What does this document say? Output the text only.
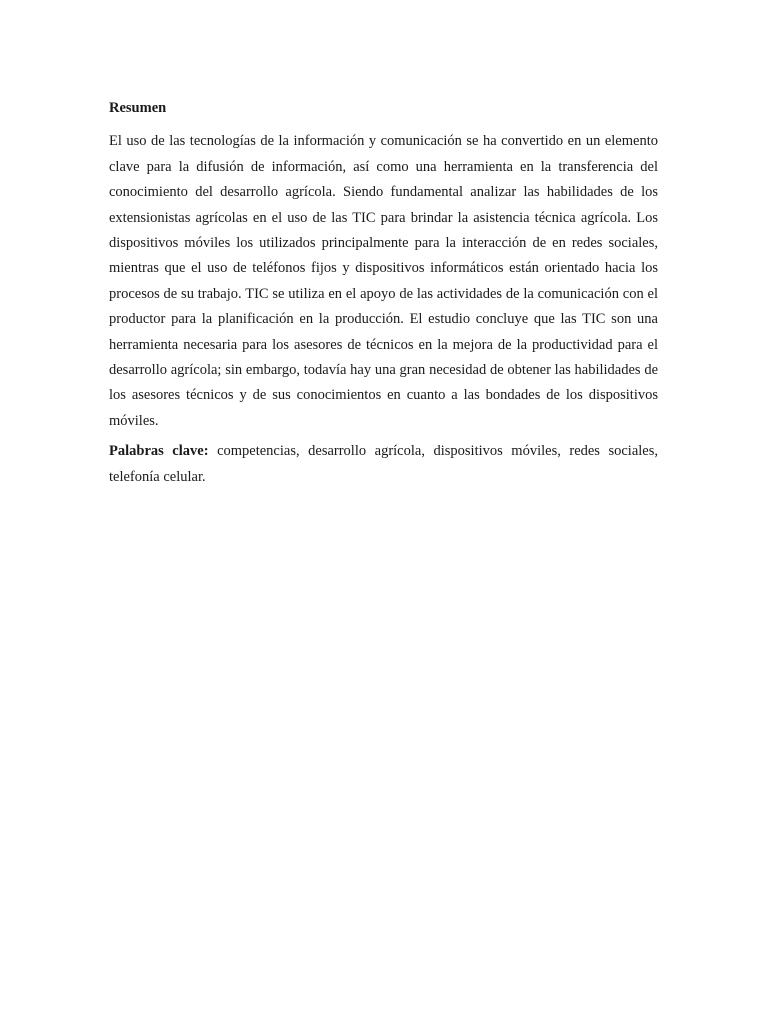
Resumen

El uso de las tecnologías de la información y comunicación se ha convertido en un elemento clave para la difusión de información, así como una herramienta en la transferencia del conocimiento del desarrollo agrícola. Siendo fundamental analizar las habilidades de los extensionistas agrícolas en el uso de las TIC para brindar la asistencia técnica agrícola. Los dispositivos móviles los utilizados principalmente para la interacción de en redes sociales, mientras que el uso de teléfonos fijos y dispositivos informáticos están orientado hacia los procesos de su trabajo. TIC se utiliza en el apoyo de las actividades de la comunicación con el productor para la planificación en la producción. El estudio concluye que las TIC son una herramienta necesaria para los asesores de técnicos en la mejora de la productividad para el desarrollo agrícola; sin embargo, todavía hay una gran necesidad de obtener las habilidades de los asesores técnicos y de sus conocimientos en cuanto a las bondades de los dispositivos móviles.

Palabras clave: competencias, desarrollo agrícola, dispositivos móviles, redes sociales, telefonía celular.
